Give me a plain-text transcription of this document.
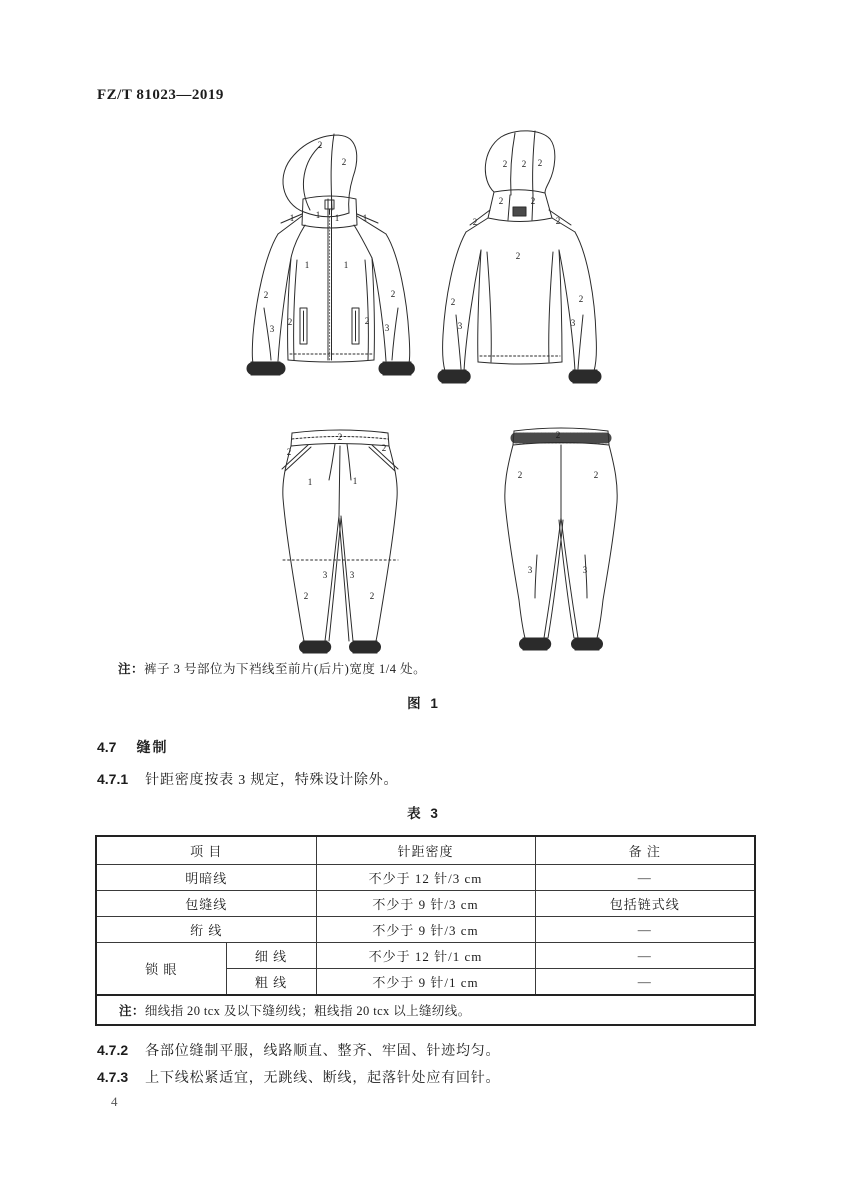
FZ/T 81023—2019
2
2
1 1 1	1
1	1
2	2
2	2
3	3
2 2 2
2	2
2	2
2
2	2
3	3
2
2	2
1	1
3	3
2	2
2
2	2
3	3
注：裤子 3 号部位为下裆线至前片(后片)宽度 1/4 处。
图 1
4.7 缝制
4.7.1 针距密度按表 3 规定，特殊设计除外。
表 3
项 目		针距密度	备 注
明暗线		不少于 12 针/3 cm	—
包缝线		不少于 9 针/3 cm	包括链式线
绗 线		不少于 9 针/3 cm	—
锁 眼	细 线	不少于 12 针/1 cm	—
	粗 线	不少于 9 针/1 cm	—
注：细线指 20 tcx 及以下缝纫线；粗线指 20 tcx 以上缝纫线。			
4.7.2 各部位缝制平服，线路顺直、整齐、牢固、针迹均匀。
4.7.3 上下线松紧适宜，无跳线、断线，起落针处应有回针。
4
